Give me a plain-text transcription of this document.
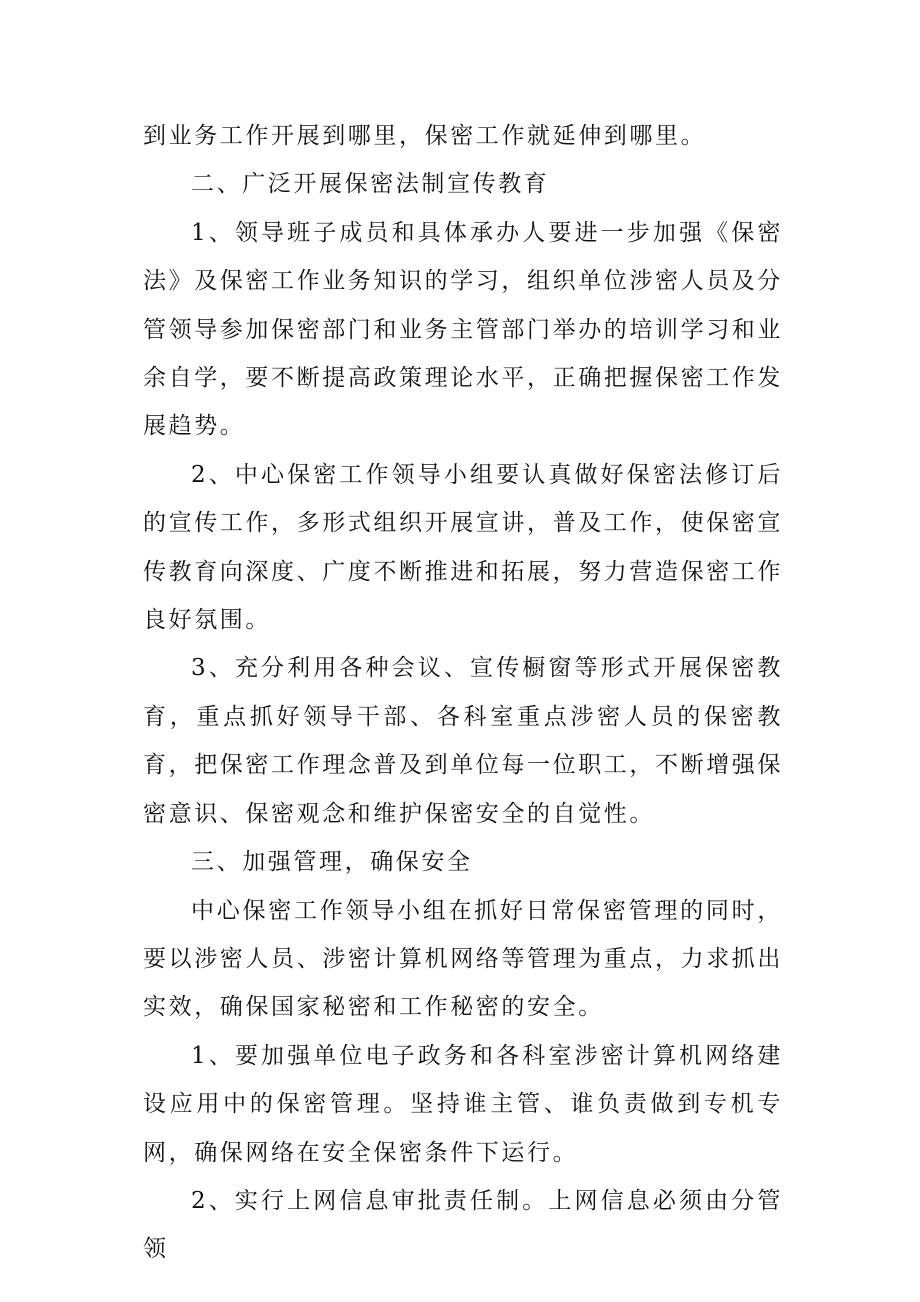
到业务工作开展到哪里，保密工作就延伸到哪里。

二、广泛开展保密法制宣传教育

1、领导班子成员和具体承办人要进一步加强《保密法》及保密工作业务知识的学习，组织单位涉密人员及分管领导参加保密部门和业务主管部门举办的培训学习和业余自学，要不断提高政策理论水平，正确把握保密工作发展趋势。

2、中心保密工作领导小组要认真做好保密法修订后的宣传工作，多形式组织开展宣讲，普及工作，使保密宣传教育向深度、广度不断推进和拓展，努力营造保密工作良好氛围。

3、充分利用各种会议、宣传橱窗等形式开展保密教育，重点抓好领导干部、各科室重点涉密人员的保密教育，把保密工作理念普及到单位每一位职工，不断增强保密意识、保密观念和维护保密安全的自觉性。

三、加强管理，确保安全

中心保密工作领导小组在抓好日常保密管理的同时，要以涉密人员、涉密计算机网络等管理为重点，力求抓出实效，确保国家秘密和工作秘密的安全。

1、要加强单位电子政务和各科室涉密计算机网络建设应用中的保密管理。坚持谁主管、谁负责做到专机专网，确保网络在安全保密条件下运行。

2、实行上网信息审批责任制。上网信息必须由分管领
